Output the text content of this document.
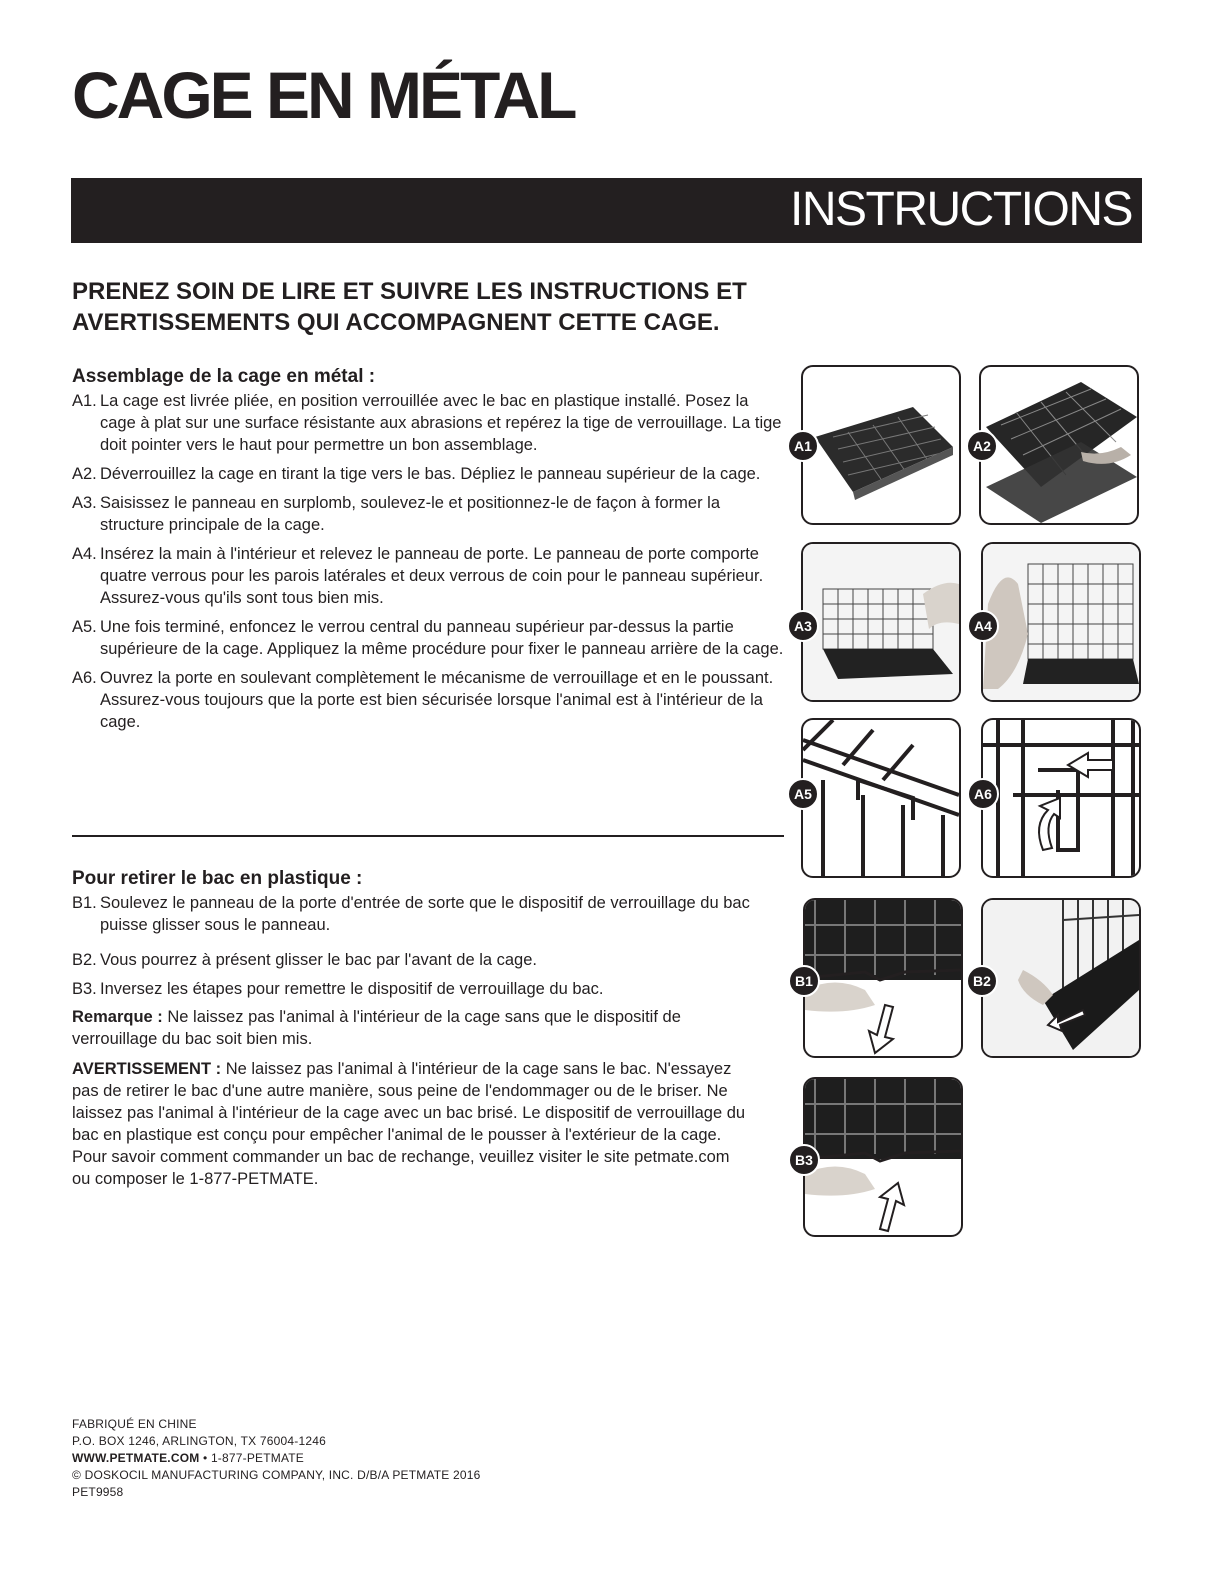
CAGE EN MÉTAL
INSTRUCTIONS
PRENEZ SOIN DE LIRE ET SUIVRE LES INSTRUCTIONS ET
AVERTISSEMENTS QUI ACCOMPAGNENT CETTE CAGE.
Assemblage de la cage en métal :
A1. La cage est livrée pliée, en position verrouillée avec le bac en plastique installé. Posez la cage à plat sur une surface résistante aux abrasions et repérez la tige de verrouillage. La tige doit pointer vers le haut pour permettre un bon assemblage.
A2. Déverrouillez la cage en tirant la tige vers le bas. Dépliez le panneau supérieur de la cage.
A3. Saisissez le panneau en surplomb, soulevez-le et positionnez-le de façon à former la structure principale de la cage.
A4. Insérez la main à l'intérieur et relevez le panneau de porte. Le panneau de porte comporte quatre verrous pour les parois latérales et deux verrous de coin pour le panneau supérieur. Assurez-vous qu'ils sont tous bien mis.
A5. Une fois terminé, enfoncez le verrou central du panneau supérieur par-dessus la partie supérieure de la cage. Appliquez la même procédure pour fixer le panneau arrière de la cage.
A6. Ouvrez la porte en soulevant complètement le mécanisme de verrouillage et en le poussant.
Assurez-vous toujours que la porte est bien sécurisée lorsque l'animal est à l'intérieur de la cage.
Pour retirer le bac en plastique :
B1. Soulevez le panneau de la porte d'entrée de sorte que le dispositif de verrouillage du bac puisse glisser sous le panneau.
B2. Vous pourrez à présent glisser le bac par l'avant de la cage.
B3. Inversez les étapes pour remettre le dispositif de verrouillage du bac.
Remarque : Ne laissez pas l'animal à l'intérieur de la cage sans que le dispositif de verrouillage du bac soit bien mis.
AVERTISSEMENT : Ne laissez pas l'animal à l'intérieur de la cage sans le bac. N'essayez pas de retirer le bac d'une autre manière, sous peine de l'endommager ou de le briser. Ne laissez pas l'animal à l'intérieur de la cage avec un bac brisé. Le dispositif de verrouillage du bac en plastique est conçu pour empêcher l'animal de le pousser à l'extérieur de la cage. Pour savoir comment commander un bac de rechange, veuillez visiter le site petmate.com ou composer le 1-877-PETMATE.
A1	A2
A3	A4
A5	A6
B1	B2
B3
FABRIQUÉ EN CHINE
P.O. BOX 1246, ARLINGTON, TX 76004-1246
WWW.PETMATE.COM • 1-877-PETMATE
© DOSKOCIL MANUFACTURING COMPANY, INC. D/B/A PETMATE 2016
PET9958
